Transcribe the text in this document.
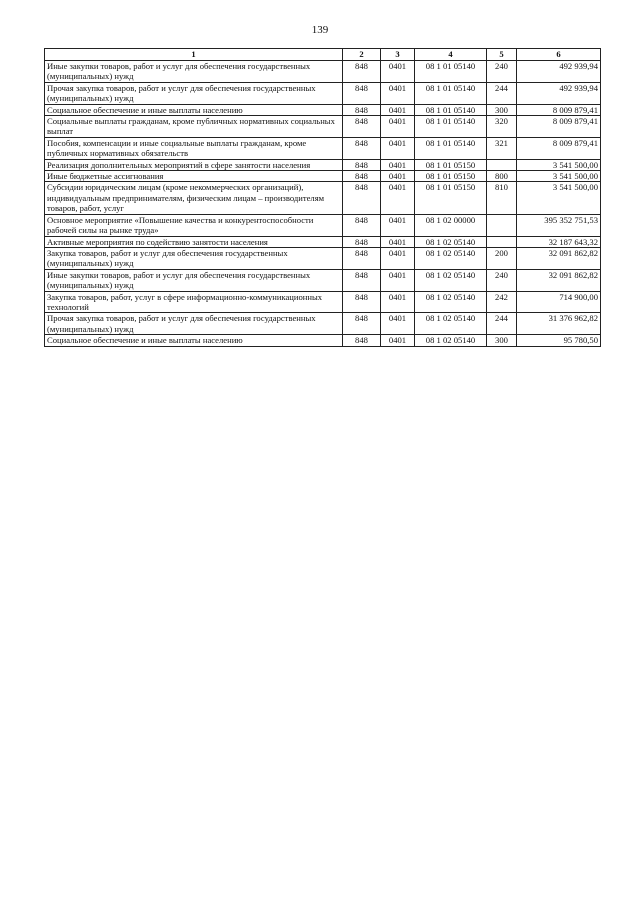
139
1	2	3	4	5	6
Иные закупки товаров, работ и услуг для обеспечения государственных (муниципальных) нужд	848	0401	08 1 01 05140	240	492 939,94
Прочая закупка товаров, работ и услуг для обеспечения государственных (муниципальных) нужд	848	0401	08 1 01 05140	244	492 939,94
Социальное обеспечение и иные выплаты населению	848	0401	08 1 01 05140	300	8 009 879,41
Социальные выплаты гражданам, кроме публичных нормативных социальных выплат	848	0401	08 1 01 05140	320	8 009 879,41
Пособия, компенсации и иные социальные выплаты гражданам, кроме публичных нормативных обязательств	848	0401	08 1 01 05140	321	8 009 879,41
Реализация дополнительных мероприятий в сфере занятости населения	848	0401	08 1 01 05150		3 541 500,00
Иные бюджетные ассигнования	848	0401	08 1 01 05150	800	3 541 500,00
Субсидии юридическим лицам (кроме некоммерческих организаций), индивидуальным предпринимателям, физическим лицам – производителям товаров, работ, услуг	848	0401	08 1 01 05150	810	3 541 500,00
Основное мероприятие «Повышение качества и конкурентоспособности рабочей силы на рынке труда»	848	0401	08 1 02 00000		395 352 751,53
Активные мероприятия по содействию занятости населения	848	0401	08 1 02 05140		32 187 643,32
Закупка товаров, работ и услуг для обеспечения государственных (муниципальных) нужд	848	0401	08 1 02 05140	200	32 091 862,82
Иные закупки товаров, работ и услуг для обеспечения государственных (муниципальных) нужд	848	0401	08 1 02 05140	240	32 091 862,82
Закупка товаров, работ, услуг в сфере информационно-коммуникационных технологий	848	0401	08 1 02 05140	242	714 900,00
Прочая закупка товаров, работ и услуг для обеспечения государственных (муниципальных) нужд	848	0401	08 1 02 05140	244	31 376 962,82
Социальное обеспечение и иные выплаты населению	848	0401	08 1 02 05140	300	95 780,50
